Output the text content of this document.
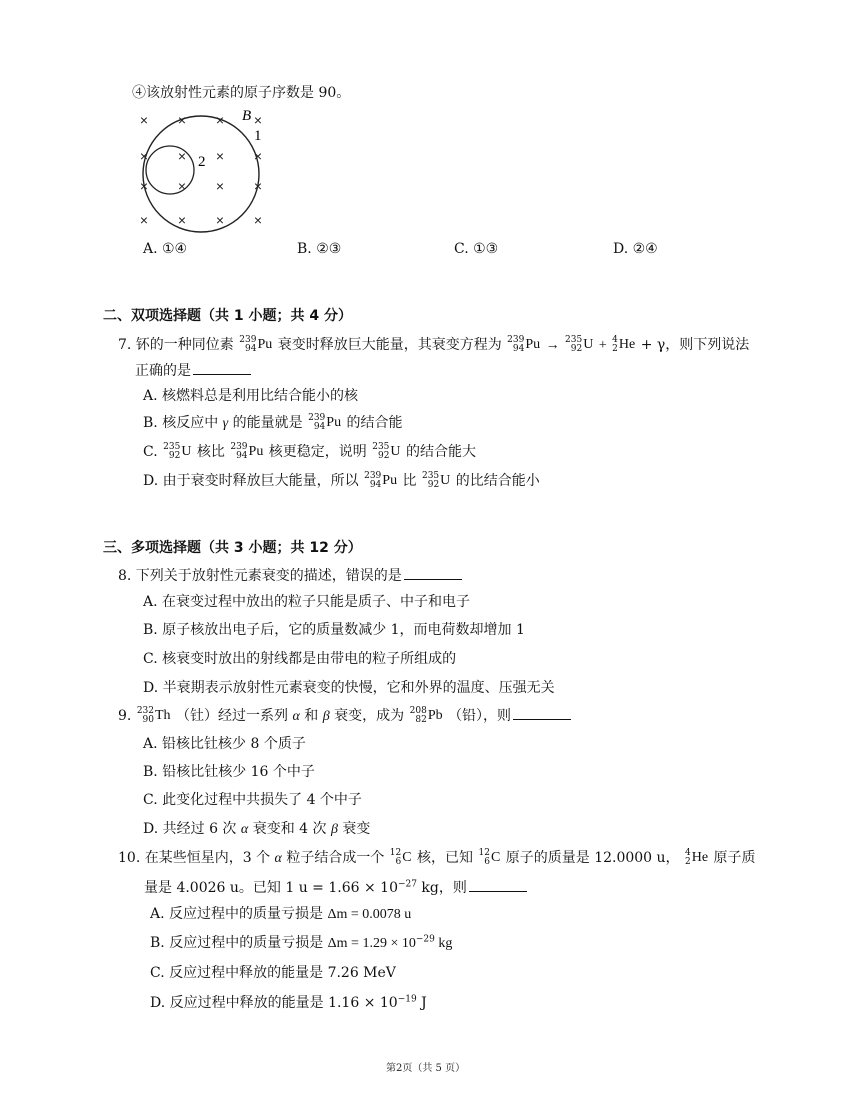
④该放射性元素的原子序数是 90。
× × × ×
× × × ×
× × × ×
× × × ×
B
1
2
A. ①④	B. ②③	C. ①③	D. ②④
二、双项选择题（共 1 小题；共 4 分）
7. 钚的一种同位素 239
94 Pu 衰变时释放巨大能量，其衰变方程为 239
94 Pu → 235
92 U + 4
2 He + γ，则下列说法
正确的是
A. 核燃料总是利用比结合能小的核
B. 核反应中 γ 的能量就是 239
94 Pu 的结合能
C. 235
92 U 核比 239
94 Pu 核更稳定，说明 235
92 U 的结合能大
D. 由于衰变时释放巨大能量，所以 239
94 Pu 比 235
92 U 的比结合能小
三、多项选择题（共 3 小题；共 12 分）
8. 下列关于放射性元素衰变的描述，错误的是
A. 在衰变过程中放出的粒子只能是质子、中子和电子
B. 原子核放出电子后，它的质量数减少 1，而电荷数却增加 1
C. 核衰变时放出的射线都是由带电的粒子所组成的
D. 半衰期表示放射性元素衰变的快慢，它和外界的温度、压强无关
9. 232
90 Th （钍）经过一系列 α 和 β 衰变，成为 208
82 Pb （铅），则
A. 铅核比钍核少 8 个质子
B. 铅核比钍核少 16 个中子
C. 此变化过程中共损失了 4 个中子
D. 共经过 6 次 α 衰变和 4 次 β 衰变
10. 在某些恒星内，3 个 α 粒子结合成一个 12
6 C 核，已知 12
6 C 原子的质量是 12.0000 u， 4
2 He 原子质
量是 4.0026 u。已知 1 $u = 1.66 \times 10^{-27}$ kg，则
A. 反应过程中的质量亏损是 Δm = 0.0078 u
B. 反应过程中的质量亏损是 $\Delta m = 1.29 \times 10^{-29}$ kg
C. 反应过程中释放的能量是 7.26 MeV
D. 反应过程中释放的能量是 $1.16 \times 10^{-19}$ J
第2页（共 5 页）
